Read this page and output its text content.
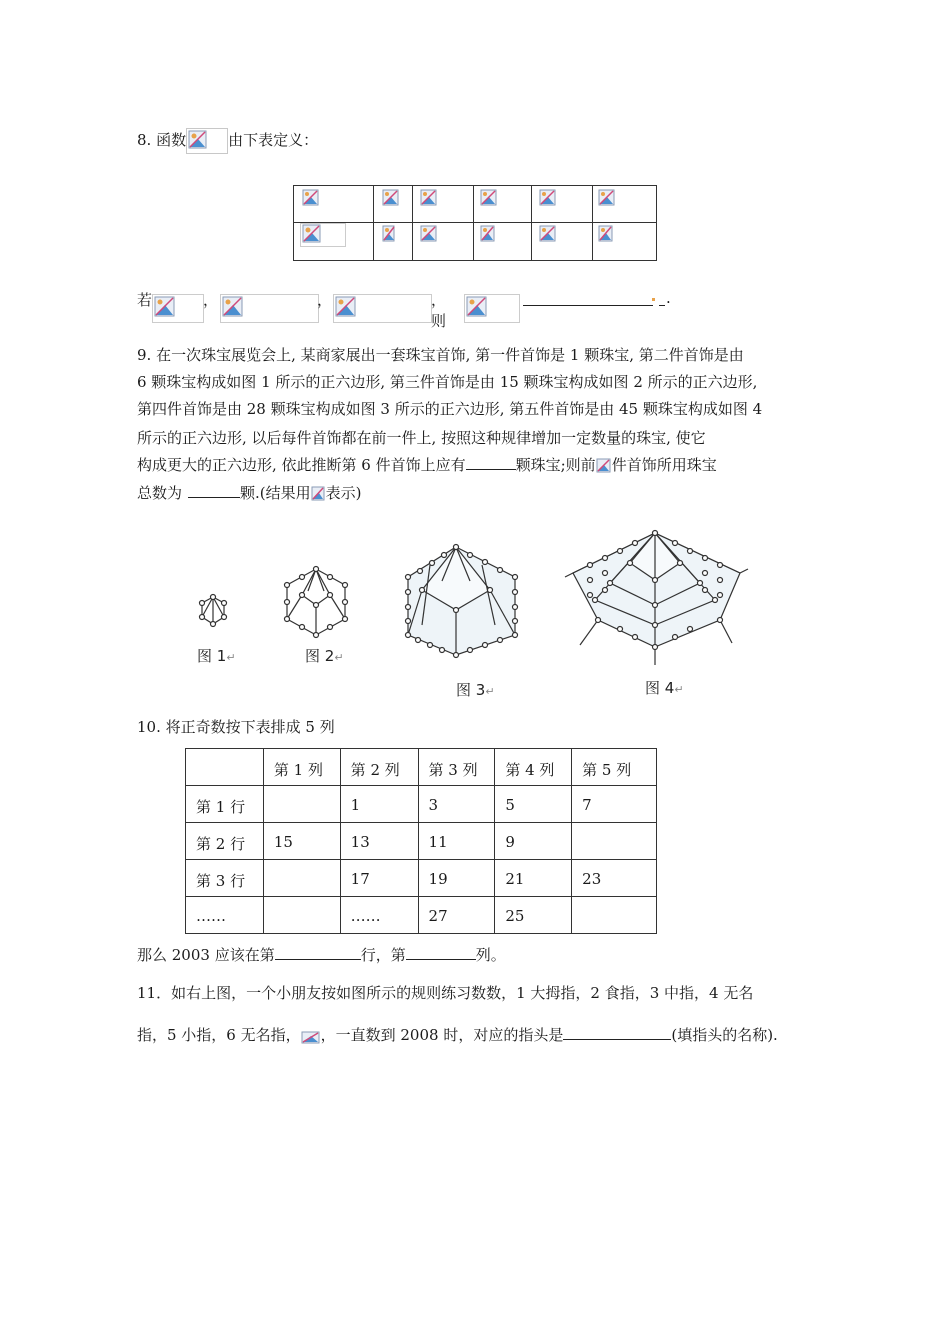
8. 函数	由下表定义：

若	，	，	，则
.
9. 在一次珠宝展览会上, 某商家展出一套珠宝首饰, 第一件首饰是 1 颗珠宝, 第二件首饰是由
6 颗珠宝构成如图 1 所示的正六边形, 第三件首饰是由 15 颗珠宝构成如图 2 所示的正六边形,
第四件首饰是由 28 颗珠宝构成如图 3 所示的正六边形, 第五件首饰是由 45 颗珠宝构成如图 4
所示的正六边形, 以后每件首饰都在前一件上, 按照这种规律增加一定数量的珠宝, 使它
构成更大的正六边形, 依此推断第 6 件首饰上应有	颗珠宝;则前 件首饰所用珠宝
总数为	颗.(结果用 表示)
图 1↵	图 2↵
图 3↵	图 4↵
10. 将正奇数按下表排成 5 列
	第 1 列	第 2 列	第 3 列	第 4 列	第 5 列
第 1 行		1	3	5	7
第 2 行	15	13	11	9	
第 3 行		17	19	21	23
……		……	27	25	
那么 2003 应该在第	行，第	列。
11．如右上图，一个小朋友按如图所示的规则练习数数，1 大拇指，2 食指，3 中指，4 无名
指，5 小指，6 无名指， ，一直数到 2008 时，对应的指头是	(填指头的名称).
